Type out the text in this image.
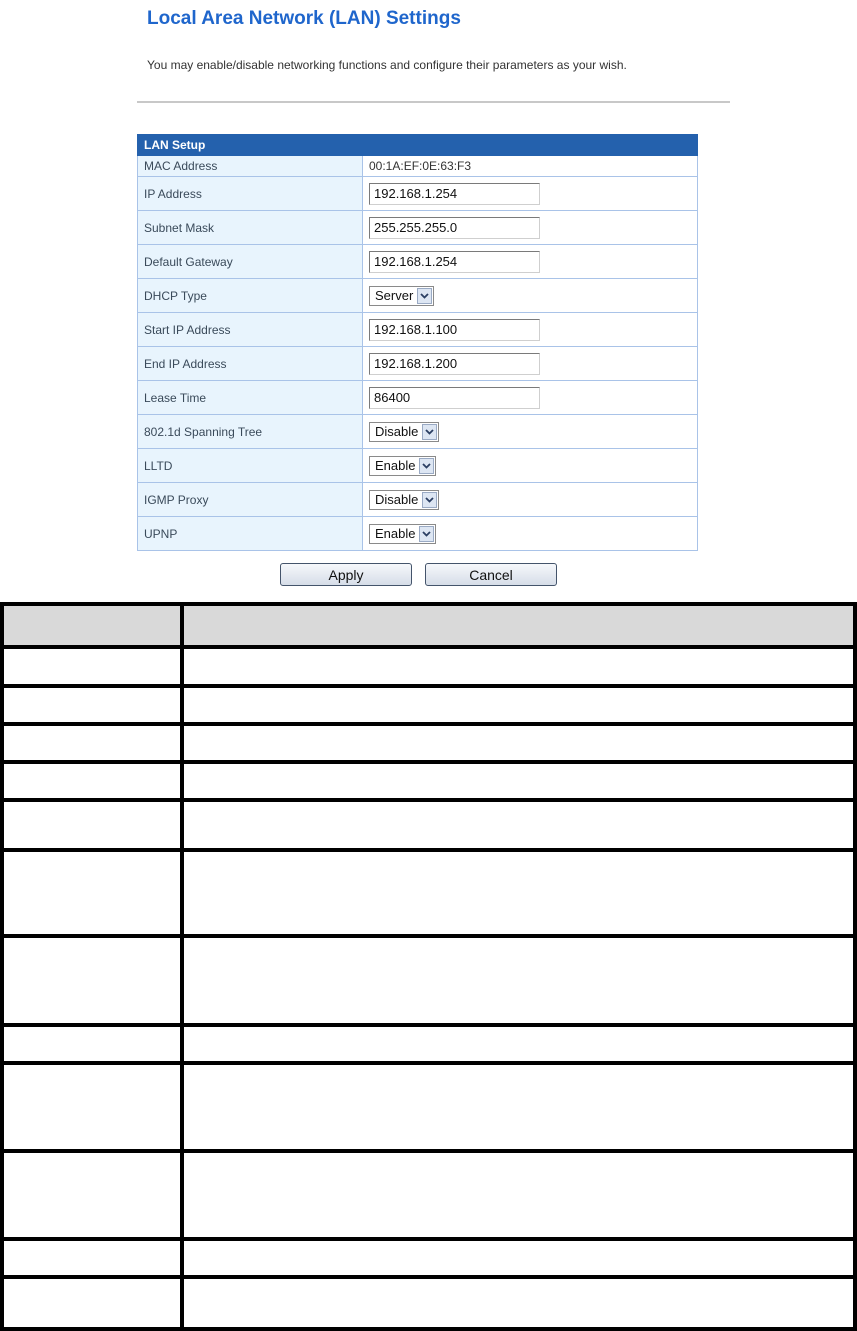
Local Area Network (LAN) Settings

You may enable/disable networking functions and configure their parameters as your wish.

LAN Setup	
MAC Address	00:1A:EF:0E:63:F3
IP Address	192.168.1.254
Subnet Mask	255.255.255.0
Default Gateway	192.168.1.254
DHCP Type	Server

Start IP Address	192.168.1.100
End IP Address	192.168.1.200
Lease Time	86400
802.1d Spanning Tree	Disable

LLTD	Enable

IGMP Proxy	Disable

UPNP	Enable
Apply	Cancel
